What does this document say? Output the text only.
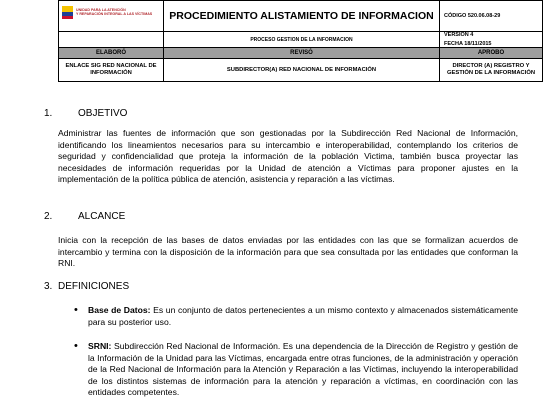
UNIDAD PARA LA ATENCIÓN
Y REPARACIÓN INTEGRAL A LAS VÍCTIMAS	PROCEDIMIENTO ALISTAMIENTO DE INFORMACION	CÓDIGO 520.06.08-29
	PROCESO GESTION DE LA INFORMACION	VERSIÓN 4
FECHA 18/11/2015

ELABORÓ	REVISÓ	APROBO
ENLACE SIG RED NACIONAL DE INFORMACIÓN	SUBDIRECTOR(A) RED NACIONAL DE INFORMACIÓN	DIRECTOR (A) REGISTRO Y GESTIÓN DE LA INFORMACIÓN
1.	OBJETIVO
Administrar las fuentes de información que son gestionadas por la Subdirección Red Nacional de Información, identificando los lineamientos necesarios para su intercambio e interoperabilidad, contemplando los criterios de seguridad y confidencialidad que proteja la información de la población Victima, también busca proyectar las necesidades de información requeridas por la Unidad de atención a Víctimas para proponer ajustes en la implementación de la política pública de atención, asistencia y reparación a las víctimas.
2.	ALCANCE
Inicia con la recepción de las bases de datos enviadas por las entidades con las que se formalizan acuerdos de intercambio y termina con la disposición de la información para que sea consultada por las entidades que conforman la RNI.
3. DEFINICIONES
•	Base de Datos: Es un conjunto de datos pertenecientes a un mismo contexto y almacenados sistemáticamente para su posterior uso.
•	SRNI: Subdirección Red Nacional de Información. Es una dependencia de la Dirección de Registro y gestión de la Información de la Unidad para las Víctimas, encargada entre otras funciones, de la administración y operación de la Red Nacional de Información para la Atención y Reparación a las Víctimas, incluyendo la interoperabilidad de los distintos sistemas de información para la atención y reparación a víctimas, en coordinación con las entidades competentes.
